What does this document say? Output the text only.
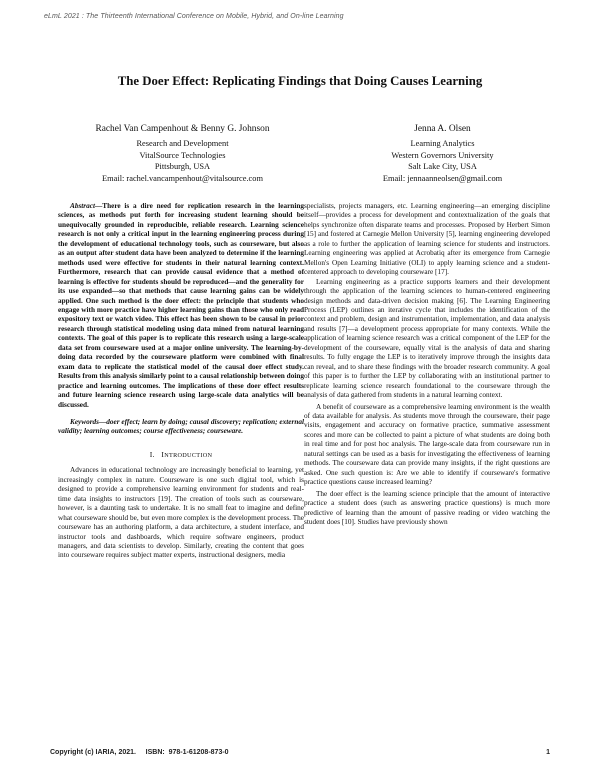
eLmL 2021 : The Thirteenth International Conference on Mobile, Hybrid, and On-line Learning
The Doer Effect: Replicating Findings that Doing Causes Learning
Rachel Van Campenhout & Benny G. Johnson
Research and Development
VitalSource Technologies
Pittsburgh, USA
Email: rachel.vancampenhout@vitalsource.com
Jenna A. Olsen
Learning Analytics
Western Governors University
Salt Lake City, USA
Email: jennaanneolsen@gmail.com

Abstract—There is a dire need for replication research in the learning sciences, as methods put forth for increasing student learning should be unequivocally grounded in reproducible, reliable research. Learning science research is not only a critical input in the learning engineering process during the development of educational technology tools, such as courseware, but also as an output after student data have been analyzed to determine if the learning methods used were effective for students in their natural learning context. Furthermore, research that can provide causal evidence that a method of learning is effective for students should be reproduced—and the generality for its use expanded—so that methods that cause learning gains can be widely applied. One such method is the doer effect: the principle that students who engage with more practice have higher learning gains than those who only read expository text or watch video. This effect has been shown to be causal in prior research through statistical modeling using data mined from natural learning contexts. The goal of this paper is to replicate this research using a large-scale data set from courseware used at a major online university. The learning-by-doing data recorded by the courseware platform were combined with final exam data to replicate the statistical model of the causal doer effect study. Results from this analysis similarly point to a causal relationship between doing practice and learning outcomes. The implications of these doer effect results and future learning science research using large-scale data analytics will be discussed.

Keywords—doer effect; learn by doing; causal discovery; replication; external validity; learning outcomes; course effectiveness; courseware.

I. INTRODUCTION

Advances in educational technology are increasingly beneficial to learning, yet increasingly complex in nature. Courseware is one such digital tool, which is designed to provide a comprehensive learning environment for students and real-time data insights to instructors [19]. The creation of tools such as courseware, however, is a daunting task to undertake. It is no small feat to imagine and define what courseware should be, but even more complex is the development process. The courseware has an authoring platform, a data architecture, a student interface, and instructor tools and dashboards, which require software engineers, product managers, and data scientists to develop. Similarly, creating the content that goes into courseware requires subject matter experts, instructional designers, media

specialists, projects managers, etc. Learning engineering—an emerging discipline itself—provides a process for development and contextualization of the goals that helps synchronize often disparate teams and processes. Proposed by Herbert Simon [15] and fostered at Carnegie Mellon University [5], learning engineering developed as a role to further the application of learning science for students and instructors. Learning engineering was applied at Acrobatiq after its emergence from Carnegie Mellon's Open Learning Initiative (OLI) to apply learning science and a student-centered approach to developing courseware [17].

Learning engineering as a practice supports learners and their development through the application of the learning sciences to human-centered engineering design methods and data-driven decision making [6]. The Learning Engineering Process (LEP) outlines an iterative cycle that includes the identification of the context and problem, design and instrumentation, implementation, and data analysis and results [7]—a development process appropriate for many contexts. While the application of learning science research was a critical component of the LEP for the development of the courseware, equally vital is the analysis of data and sharing results. To fully engage the LEP is to iteratively improve through the insights data can reveal, and to share these findings with the broader research community. A goal of this paper is to further the LEP by collaborating with an institutional partner to replicate learning science research foundational to the courseware through the analysis of data gathered from students in a natural learning context.

A benefit of courseware as a comprehensive learning environment is the wealth of data available for analysis. As students move through the courseware, their page visits, engagement and accuracy on formative practice, summative assessment scores and more can be collected to paint a picture of what students are doing both in real time and for post hoc analysis. The large-scale data from courseware run in natural settings can be used as a basis for investigating the effectiveness of learning methods. The courseware data can provide many insights, if the right questions are asked. One such question is: Are we able to identify if courseware's formative practice questions cause increased learning?

The doer effect is the learning science principle that the amount of interactive practice a student does (such as answering practice questions) is much more predictive of learning than the amount of passive reading or video watching the student does [10]. Studies have previously shown

Copyright (c) IARIA, 2021.     ISBN:  978-1-61208-873-0	1
